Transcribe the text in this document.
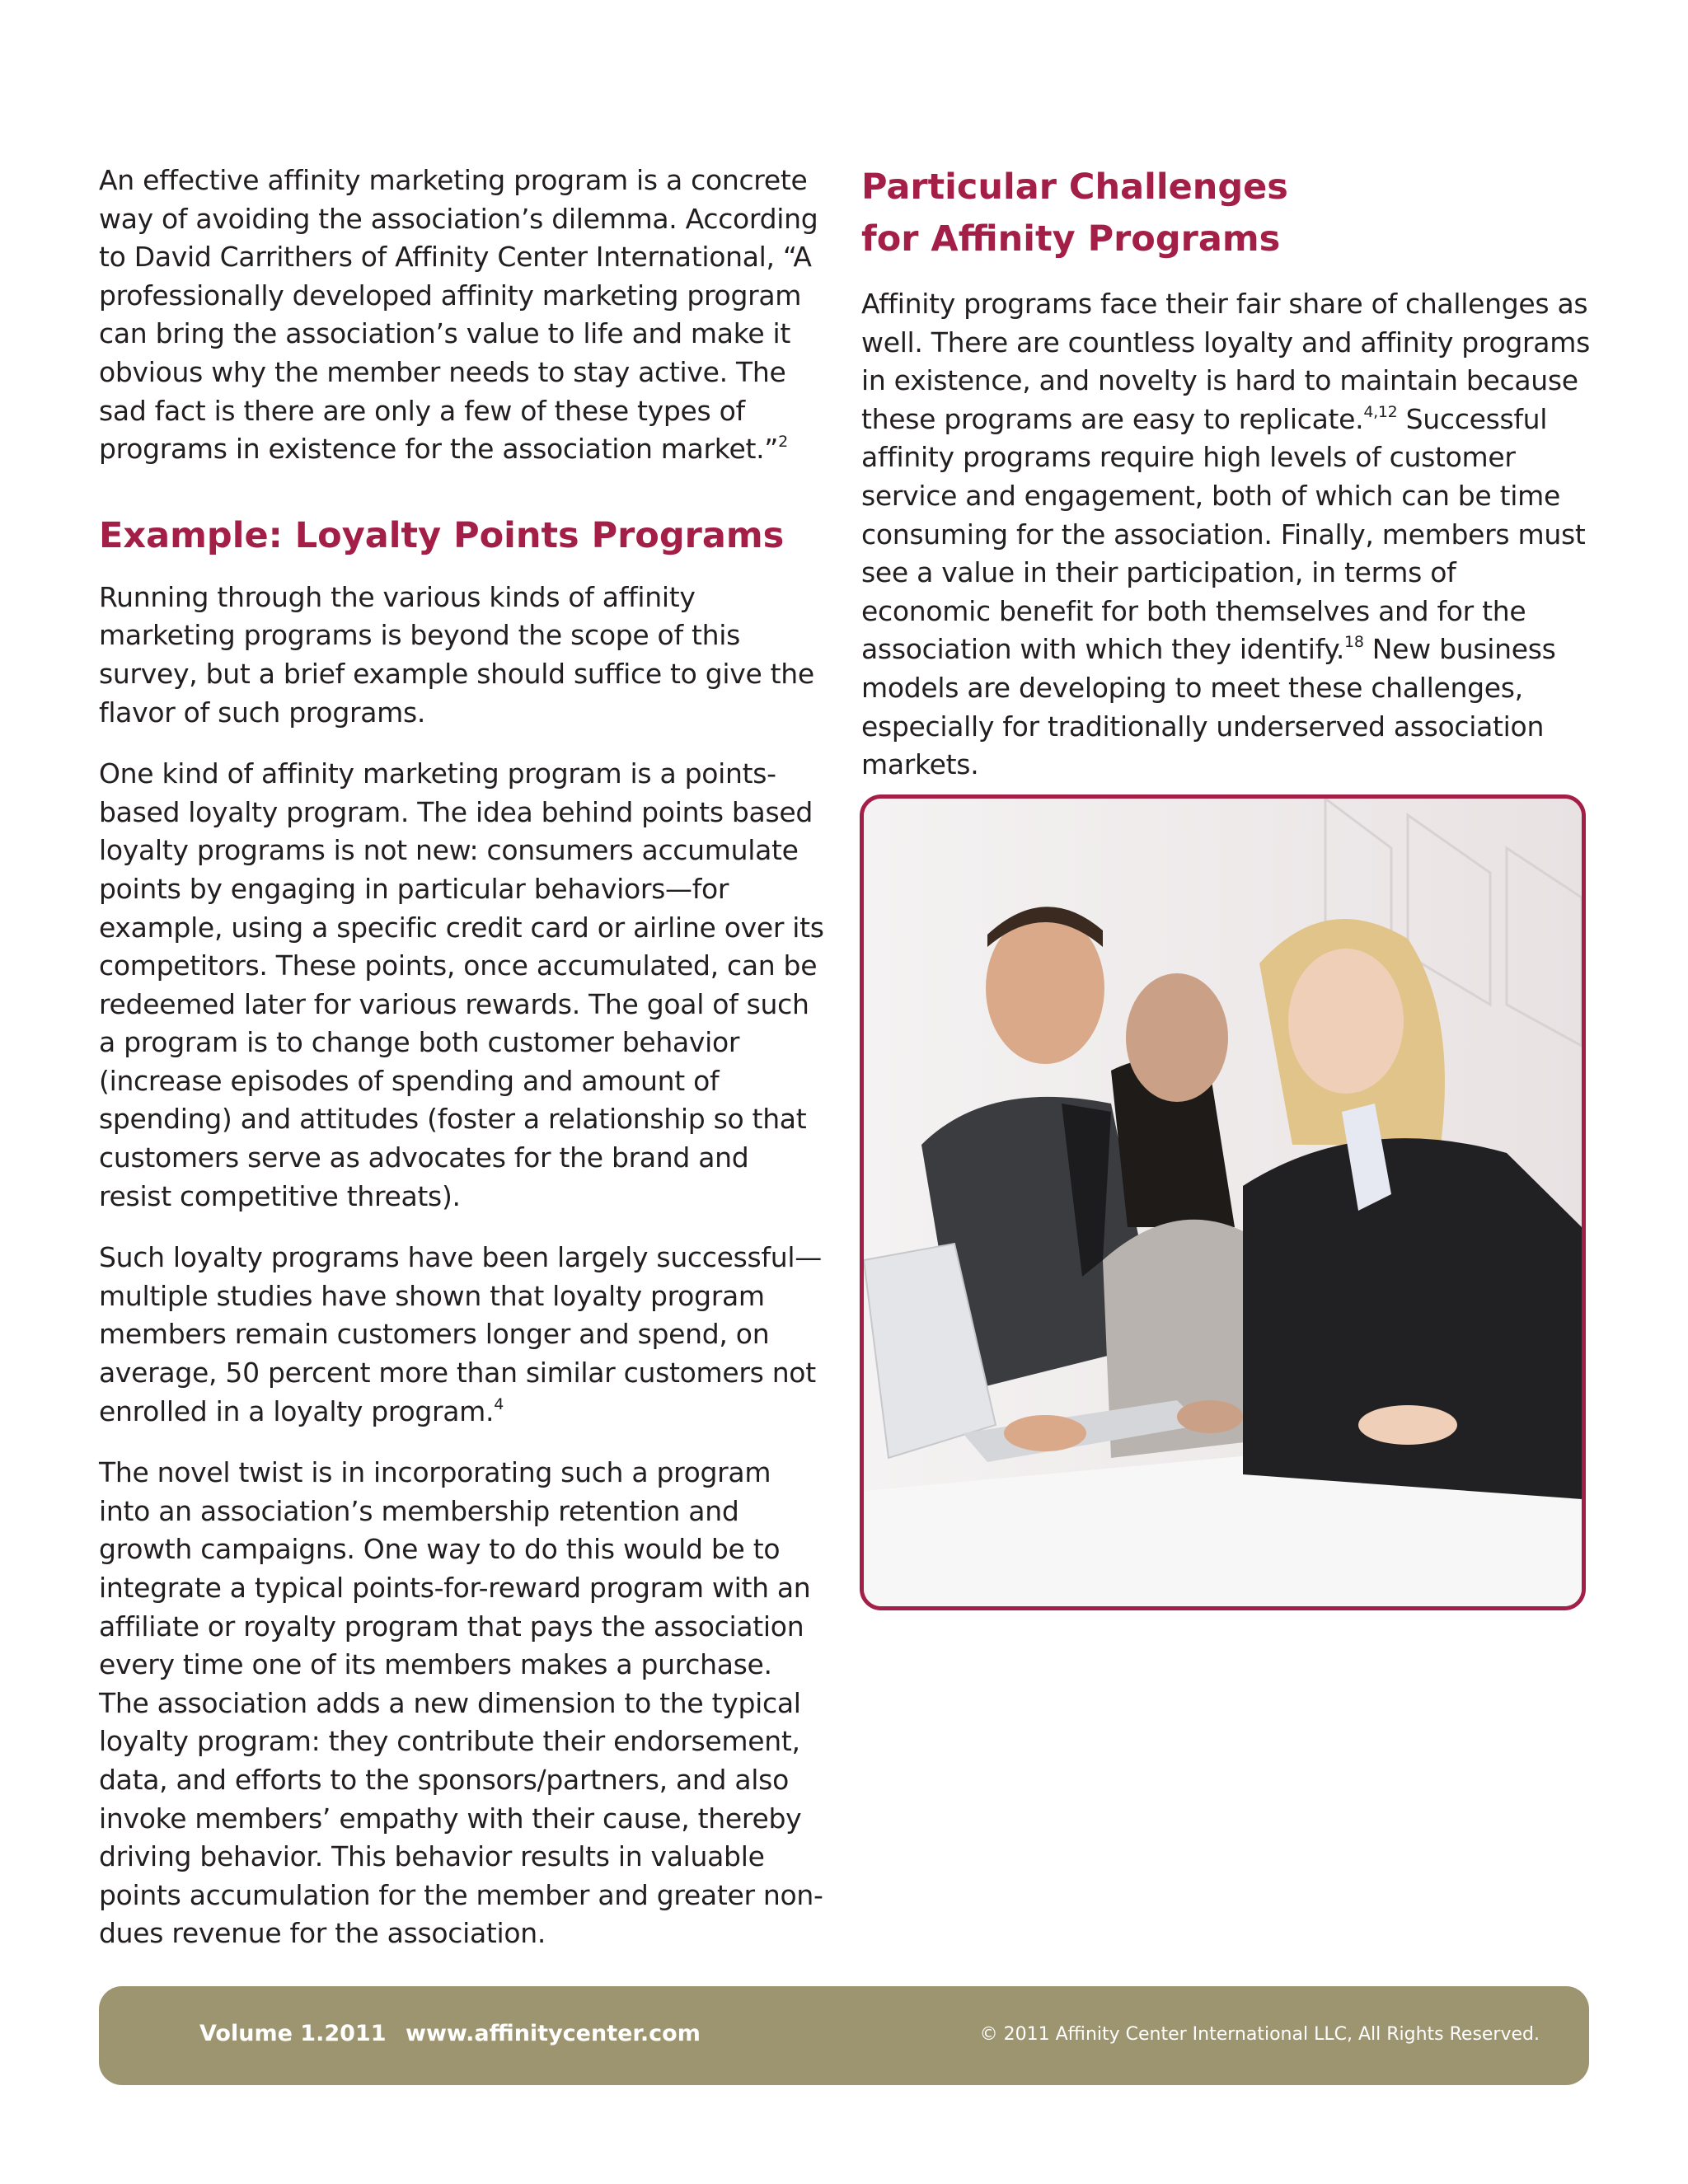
An effective affinity marketing program is a concrete way of avoiding the association’s dilemma. According to David Carrithers of Affinity Center International, “A professionally developed affinity marketing program can bring the association’s value to life and make it obvious why the member needs to stay active. The sad fact is there are only a few of these types of programs in existence for the association market.”$^2$

Example: Loyalty Points Programs

Running through the various kinds of affinity marketing programs is beyond the scope of this survey, but a brief example should suffice to give the flavor of such programs.

One kind of affinity marketing program is a points-based loyalty program. The idea behind points based loyalty programs is not new: consumers accumulate points by engaging in particular behaviors—for example, using a specific credit card or airline over its competitors. These points, once accumulated, can be redeemed later for various rewards. The goal of such a program is to change both customer behavior (increase episodes of spending and amount of spending) and attitudes (foster a relationship so that customers serve as advocates for the brand and resist competitive threats).

Such loyalty programs have been largely successful—multiple studies have shown that loyalty program members remain customers longer and spend, on average, 50 percent more than similar customers not enrolled in a loyalty program.$^4$

The novel twist is in incorporating such a program into an association’s membership retention and growth campaigns. One way to do this would be to integrate a typical points-for-reward program with an affiliate or royalty program that pays the association every time one of its members makes a purchase. The association adds a new dimension to the typical loyalty program: they contribute their endorsement, data, and efforts to the sponsors/partners, and also invoke members’ empathy with their cause, thereby driving behavior. This behavior results in valuable points accumulation for the member and greater non-dues revenue for the association.

Particular Challenges
for Affinity Programs

Affinity programs face their fair share of challenges as well. There are countless loyalty and affinity programs in existence, and novelty is hard to maintain because these programs are easy to replicate.$^{4,12}$ Successful affinity programs require high levels of customer service and engagement, both of which can be time consuming for the association. Finally, members must see a value in their participation, in terms of economic benefit for both themselves and for the association with which they identify.$^{18}$ New business models are developing to meet these challenges, especially for traditionally underserved association markets.

Volume 1.2011 www.affinitycenter.com	© 2011 Affinity Center International LLC, All Rights Reserved.
